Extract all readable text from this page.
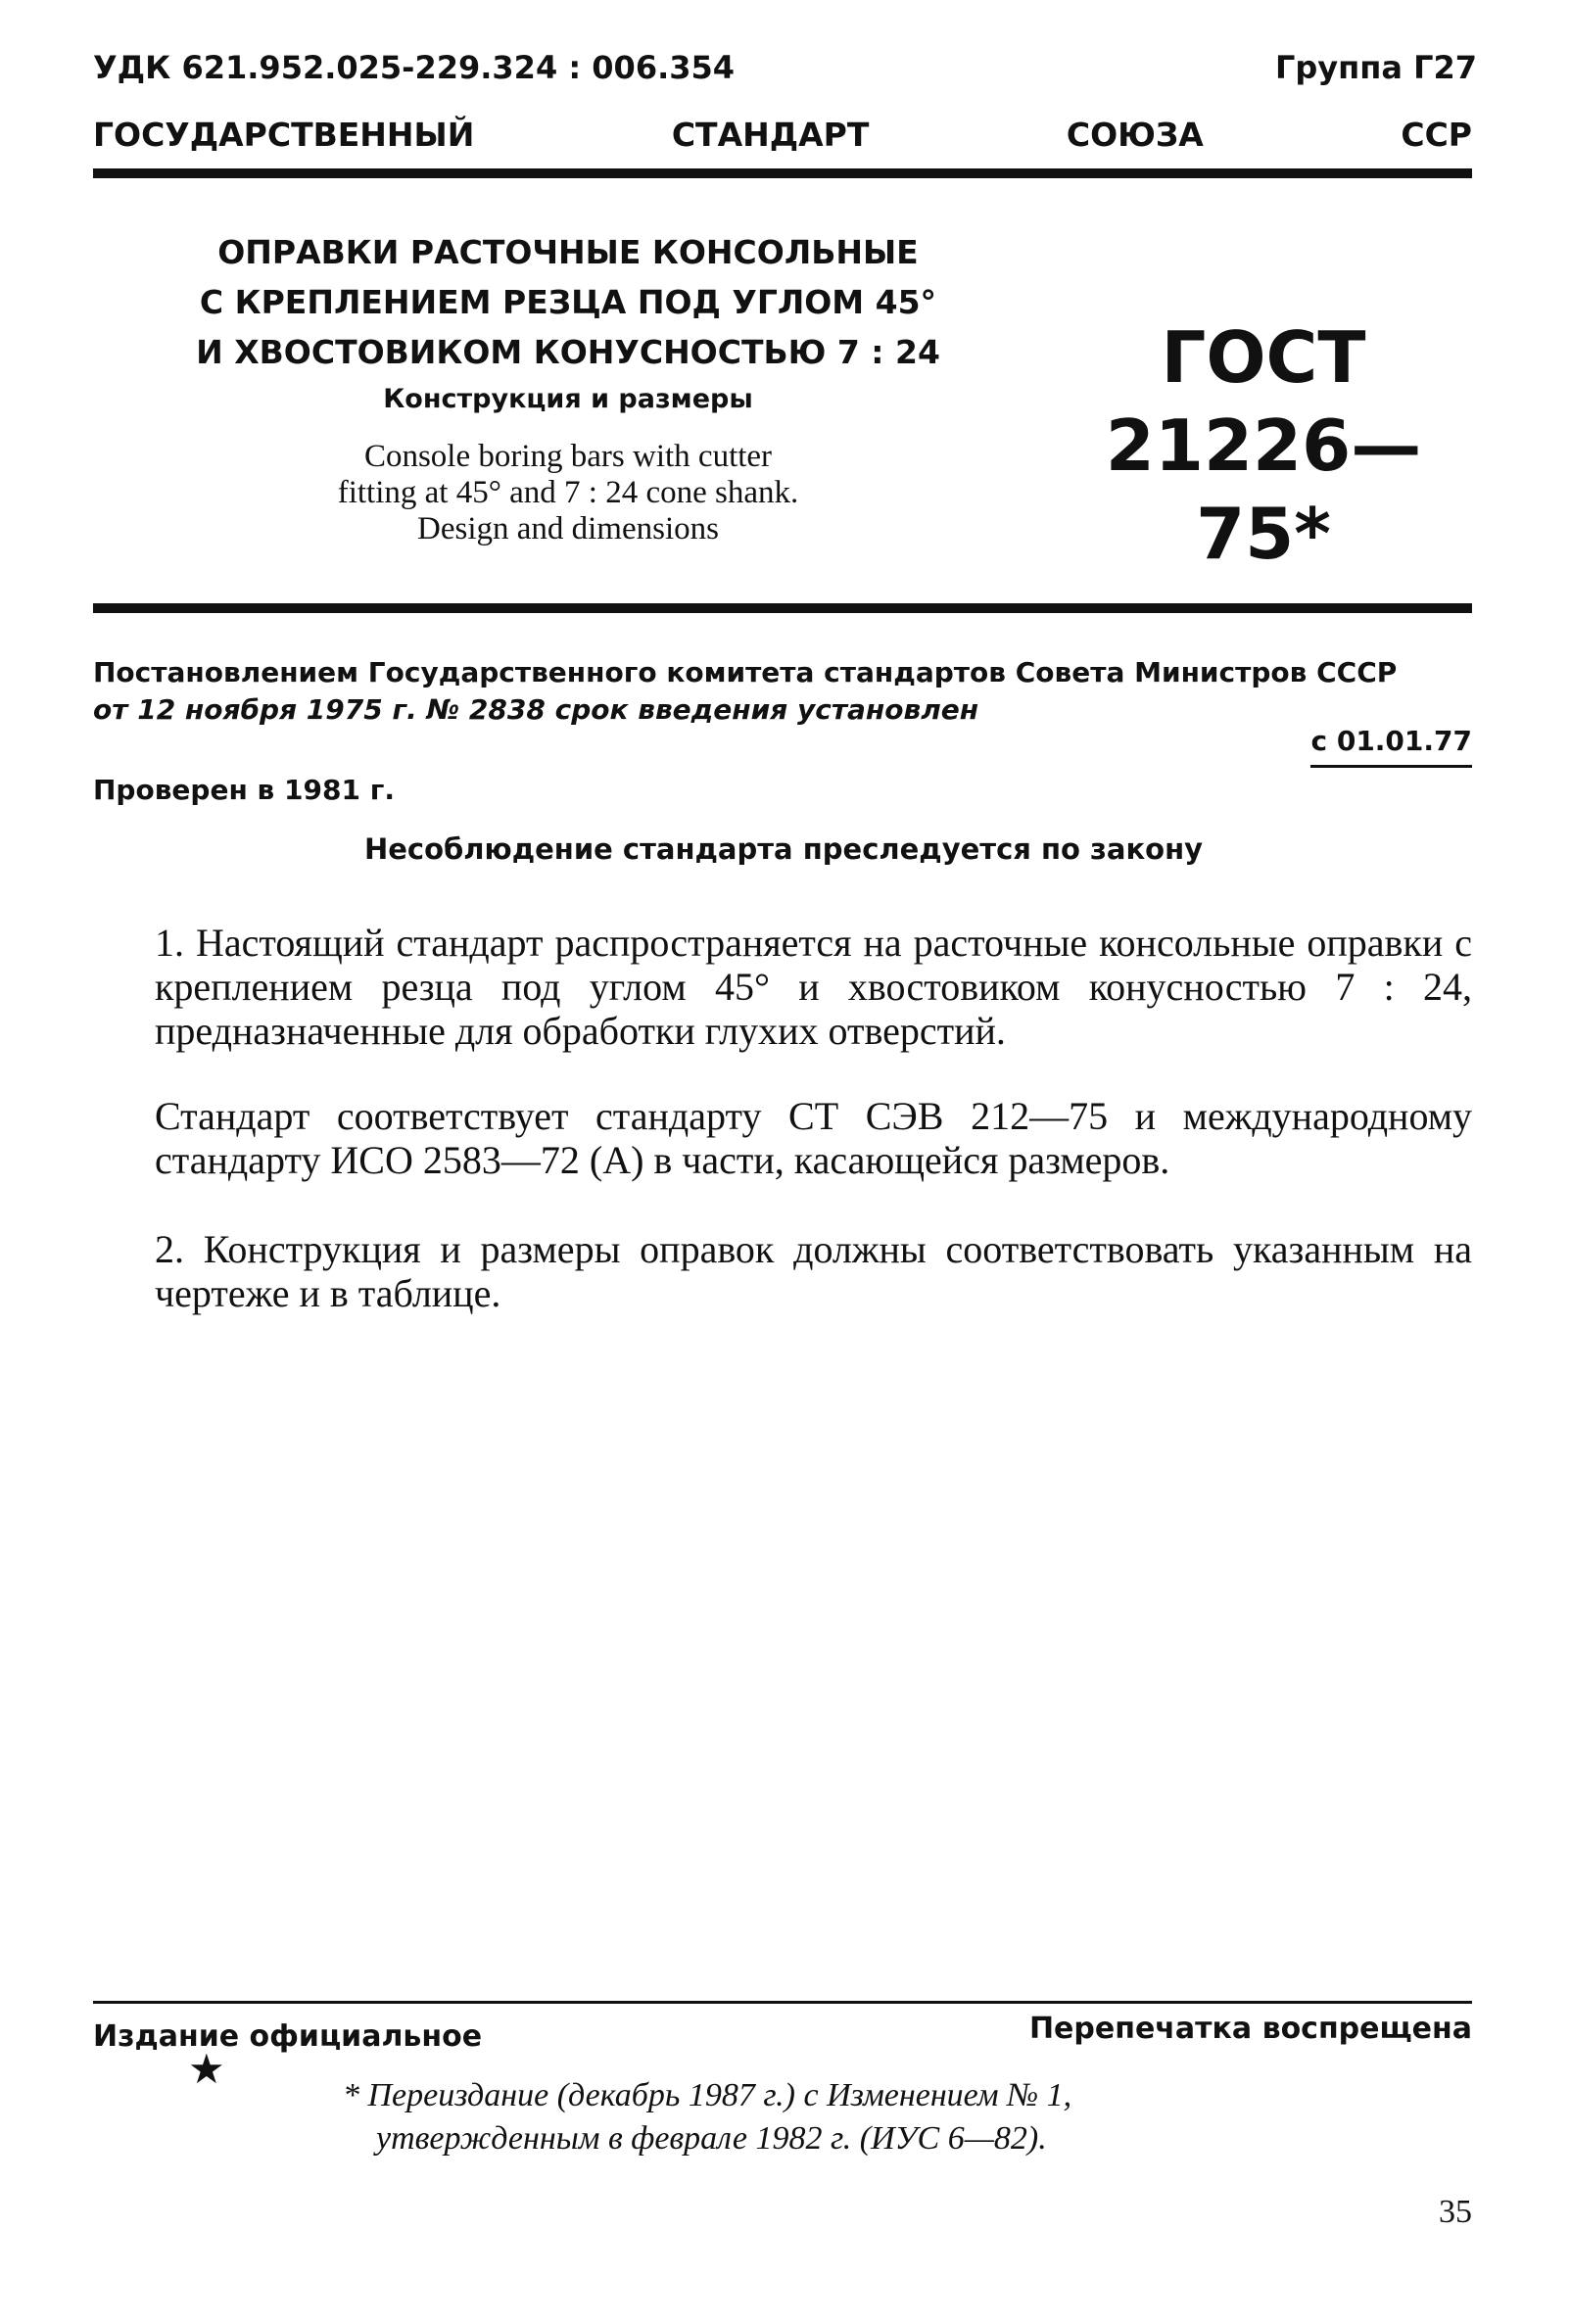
УДК 621.952.025-229.324 : 006.354	Группа Г27
ГОСУДАРСТВЕННЫЙ	СТАНДАРТ	СОЮЗА	ССР
ОПРАВКИ РАСТОЧНЫЕ КОНСОЛЬНЫЕ
С КРЕПЛЕНИЕМ РЕЗЦА ПОД УГЛОМ 45°
И ХВОСТОВИКОМ КОНУСНОСТЬЮ 7 : 24
Конструкция и размеры
Console boring bars with cutter
fitting at 45° and 7 : 24 cone shank.
Design and dimensions
ГОСТ
21226—75*
Постановлением Государственного комитета стандартов Совета Министров СССР
от 12 ноября 1975 г. № 2838 срок введения установлен
с 01.01.77
Проверен в 1981 г.
Несоблюдение стандарта преследуется по закону
1. Настоящий стандарт распространяется на расточные консольные оправки с креплением резца под углом 45° и хвостовиком конусностью 7 : 24, предназначенные для обработки глухих отверстий.
Стандарт соответствует стандарту СТ СЭВ 212—75 и международному стандарту ИСО 2583—72 (А) в части, касающейся размеров.
2. Конструкция и размеры оправок должны соответствовать указанным на чертеже и в таблице.
Издание официальное	Перепечатка воспрещена
★
* Переиздание (декабрь 1987 г.) с Изменением № 1,
утвержденным в феврале 1982 г. (ИУС 6—82).
35
